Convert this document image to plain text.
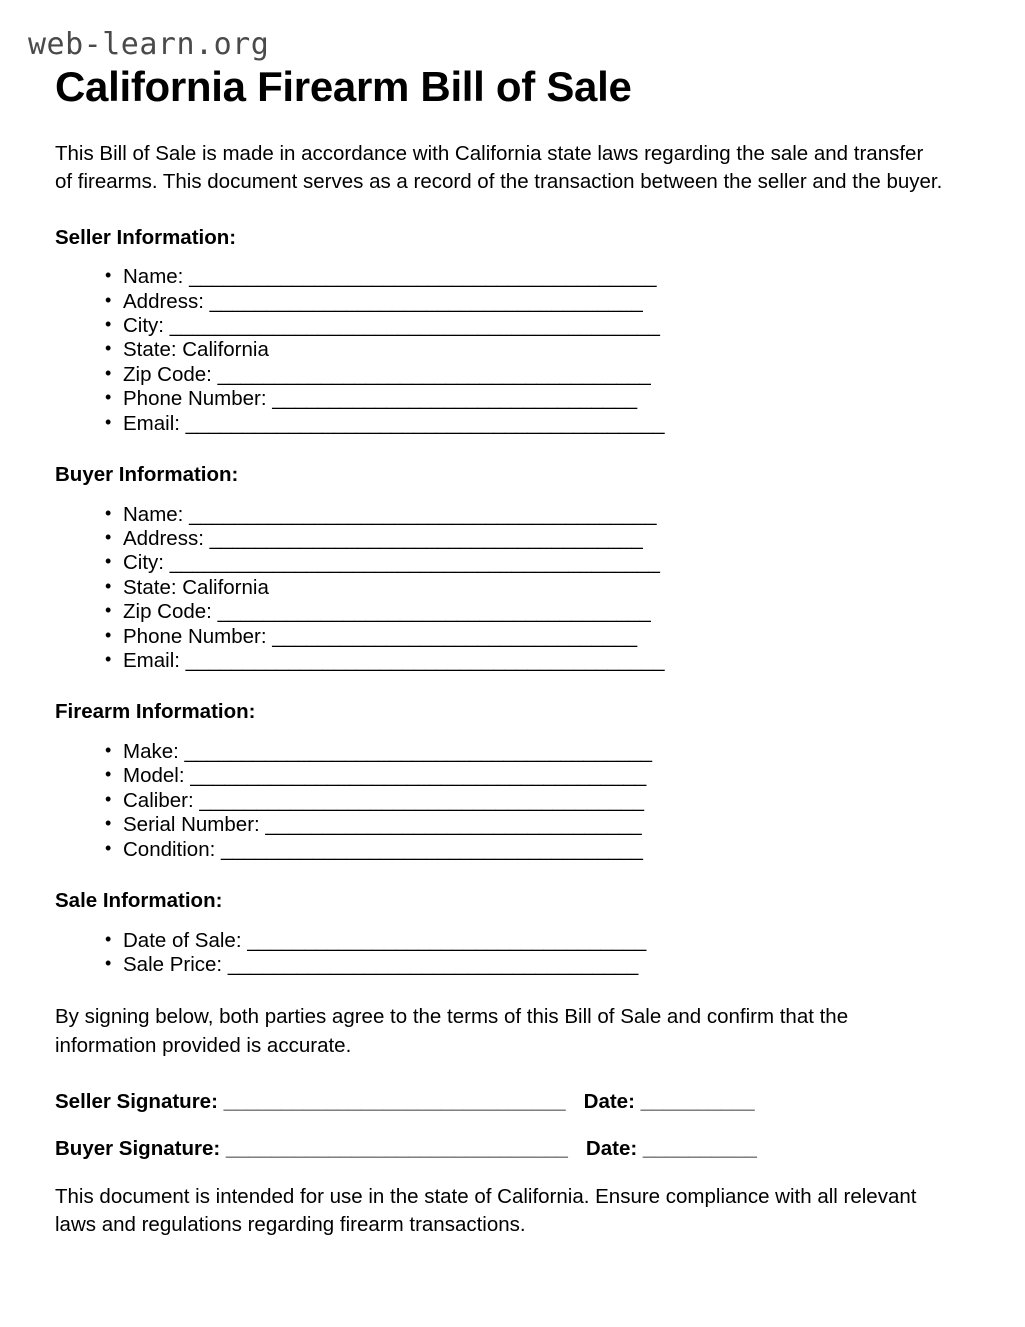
web-learn.org
California Firearm Bill of Sale

This Bill of Sale is made in accordance with California state laws regarding the sale and transfer of firearms. This document serves as a record of the transaction between the seller and the buyer.

Seller Information:
• Name: _________________________________________
• Address: ______________________________________
• City: ___________________________________________
• State: California
• Zip Code: ______________________________________
• Phone Number: ________________________________
• Email: __________________________________________
Buyer Information:
• Name: _________________________________________
• Address: ______________________________________
• City: ___________________________________________
• State: California
• Zip Code: ______________________________________
• Phone Number: ________________________________
• Email: __________________________________________
Firearm Information:
• Make: _________________________________________
• Model: ________________________________________
• Caliber: _______________________________________
• Serial Number: _________________________________
• Condition: _____________________________________
Sale Information:
• Date of Sale: ___________________________________
• Sale Price: ____________________________________

By signing below, both parties agree to the terms of this Bill of Sale and confirm that the information provided is accurate.

Seller Signature: ______________________________ Date: __________
Buyer Signature: ______________________________ Date: __________

This document is intended for use in the state of California. Ensure compliance with all relevant laws and regulations regarding firearm transactions.
